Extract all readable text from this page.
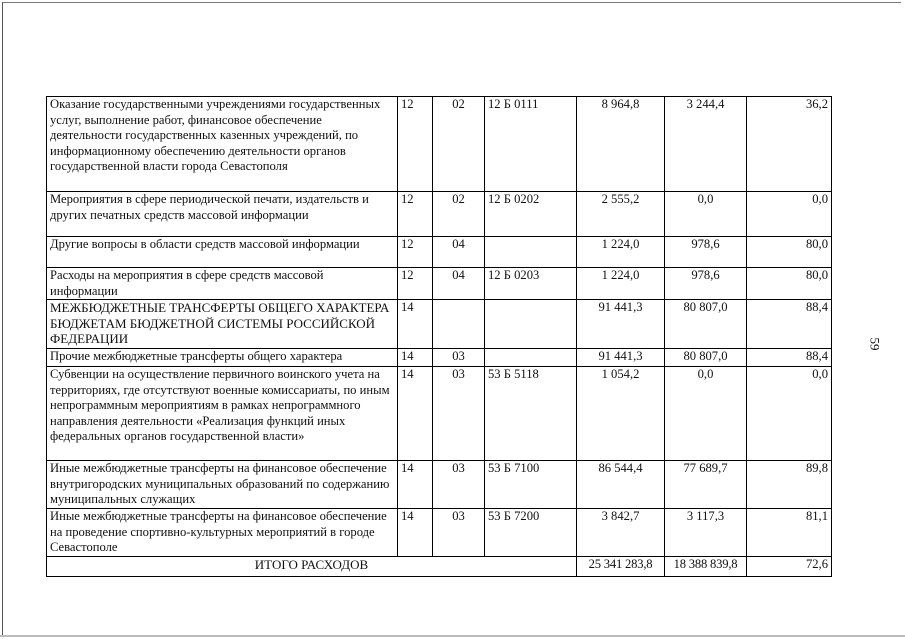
Оказание государственными учреждениями государственных услуг, выполнение работ, финансовое обеспечение деятельности государственных казенных учреждений, по информационному обеспечению деятельности органов государственной власти города Севастополя	12	02	12 Б 0111	8 964,8	3 244,4	36,2
Мероприятия в сфере периодической печати, издательств и других печатных средств массовой информации	12	02	12 Б 0202	2 555,2	0,0	0,0
Другие вопросы в области средств массовой информации	12	04		1 224,0	978,6	80,0
Расходы на мероприятия в сфере средств массовой информации	12	04	12 Б 0203	1 224,0	978,6	80,0
МЕЖБЮДЖЕТНЫЕ ТРАНСФЕРТЫ ОБЩЕГО ХАРАКТЕРА БЮДЖЕТАМ БЮДЖЕТНОЙ СИСТЕМЫ РОССИЙСКОЙ ФЕДЕРАЦИИ	14			91 441,3	80 807,0	88,4
Прочие межбюджетные трансферты общего характера	14	03		91 441,3	80 807,0	88,4
Субвенции на осуществление первичного воинского учета на территориях, где отсутствуют военные комиссариаты, по иным непрограммным мероприятиям в рамках непрограммного направления деятельности «Реализация функций иных федеральных органов государственной власти»	14	03	53 Б 5118	1 054,2	0,0	0,0
Иные межбюджетные трансферты на финансовое обеспечение внутригородских муниципальных образований по содержанию муниципальных служащих	14	03	53 Б 7100	86 544,4	77 689,7	89,8
Иные межбюджетные трансферты на финансовое обеспечение на проведение спортивно-культурных мероприятий в городе Севастополе	14	03	53 Б 7200	3 842,7	3 117,3	81,1
ИТОГО РАСХОДОВ				25 341 283,8	18 388 839,8	72,6
59
